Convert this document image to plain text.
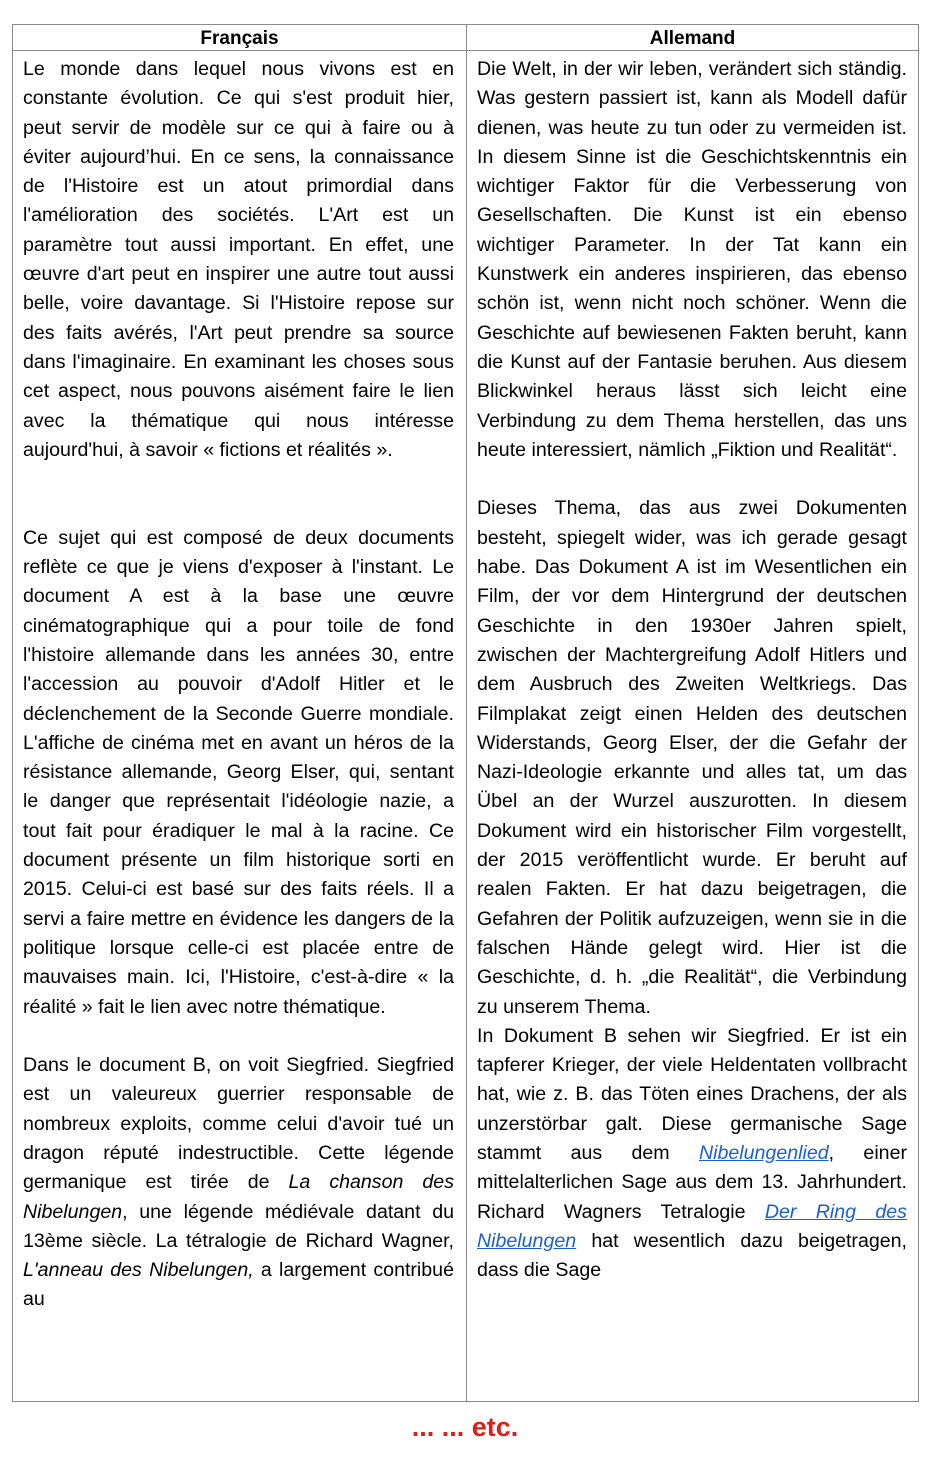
Français	Allemand

Le monde dans lequel nous vivons est en constante évolution. Ce qui s'est produit hier, peut servir de modèle sur ce qui à faire ou à éviter aujourd’hui. En ce sens, la connaissance de l'Histoire est un atout primordial dans l'amélioration des sociétés. L'Art est un paramètre tout aussi important. En effet, une œuvre d'art peut en inspirer une autre tout aussi belle, voire davantage. Si l'Histoire repose sur des faits avérés, l'Art peut prendre sa source dans l'imaginaire. En examinant les choses sous cet aspect, nous pouvons aisément faire le lien avec la thématique qui nous intéresse aujourd'hui, à savoir « fictions et réalités ».

Ce sujet qui est composé de deux documents reflète ce que je viens d'exposer à l'instant. Le document A est à la base une œuvre cinématographique qui a pour toile de fond l'histoire allemande dans les années 30, entre l'accession au pouvoir d'Adolf Hitler et le déclenchement de la Seconde Guerre mondiale. L'affiche de cinéma met en avant un héros de la résistance allemande, Georg Elser, qui, sentant le danger que représentait l'idéologie nazie, a tout fait pour éradiquer le mal à la racine. Ce document présente un film historique sorti en 2015. Celui-ci est basé sur des faits réels. Il a servi a faire mettre en évidence les dangers de la politique lorsque celle-ci est placée entre de mauvaises main. Ici, l'Histoire, c'est-à-dire « la réalité » fait le lien avec notre thématique.

Dans le document B, on voit Siegfried. Siegfried est un valeureux guerrier responsable de nombreux exploits, comme celui d'avoir tué un dragon réputé indestructible. Cette légende germanique est tirée de La chanson des Nibelungen, une légende médiévale datant du 13ème siècle. La tétralogie de Richard Wagner, L'anneau des Nibelungen, a largement contribué au

Die Welt, in der wir leben, verändert sich ständig. Was gestern passiert ist, kann als Modell dafür dienen, was heute zu tun oder zu vermeiden ist. In diesem Sinne ist die Geschichtskenntnis ein wichtiger Faktor für die Verbesserung von Gesellschaften. Die Kunst ist ein ebenso wichtiger Parameter. In der Tat kann ein Kunstwerk ein anderes inspirieren, das ebenso schön ist, wenn nicht noch schöner. Wenn die Geschichte auf bewiesenen Fakten beruht, kann die Kunst auf der Fantasie beruhen. Aus diesem Blickwinkel heraus lässt sich leicht eine Verbindung zu dem Thema herstellen, das uns heute interessiert, nämlich „Fiktion und Realität“.

Dieses Thema, das aus zwei Dokumenten besteht, spiegelt wider, was ich gerade gesagt habe. Das Dokument A ist im Wesentlichen ein Film, der vor dem Hintergrund der deutschen Geschichte in den 1930er Jahren spielt, zwischen der Machtergreifung Adolf Hitlers und dem Ausbruch des Zweiten Weltkriegs. Das Filmplakat zeigt einen Helden des deutschen Widerstands, Georg Elser, der die Gefahr der Nazi-Ideologie erkannte und alles tat, um das Übel an der Wurzel auszurotten. In diesem Dokument wird ein historischer Film vorgestellt, der 2015 veröffentlicht wurde. Er beruht auf realen Fakten. Er hat dazu beigetragen, die Gefahren der Politik aufzuzeigen, wenn sie in die falschen Hände gelegt wird. Hier ist die Geschichte, d. h. „die Realität“, die Verbindung zu unserem Thema.

In Dokument B sehen wir Siegfried. Er ist ein tapferer Krieger, der viele Heldentaten vollbracht hat, wie z. B. das Töten eines Drachens, der als unzerstörbar galt. Diese germanische Sage stammt aus dem Nibelungenlied, einer mittelalterlichen Sage aus dem 13. Jahrhundert. Richard Wagners Tetralogie Der Ring des Nibelungen hat wesentlich dazu beigetragen, dass die Sage

... ... etc.
